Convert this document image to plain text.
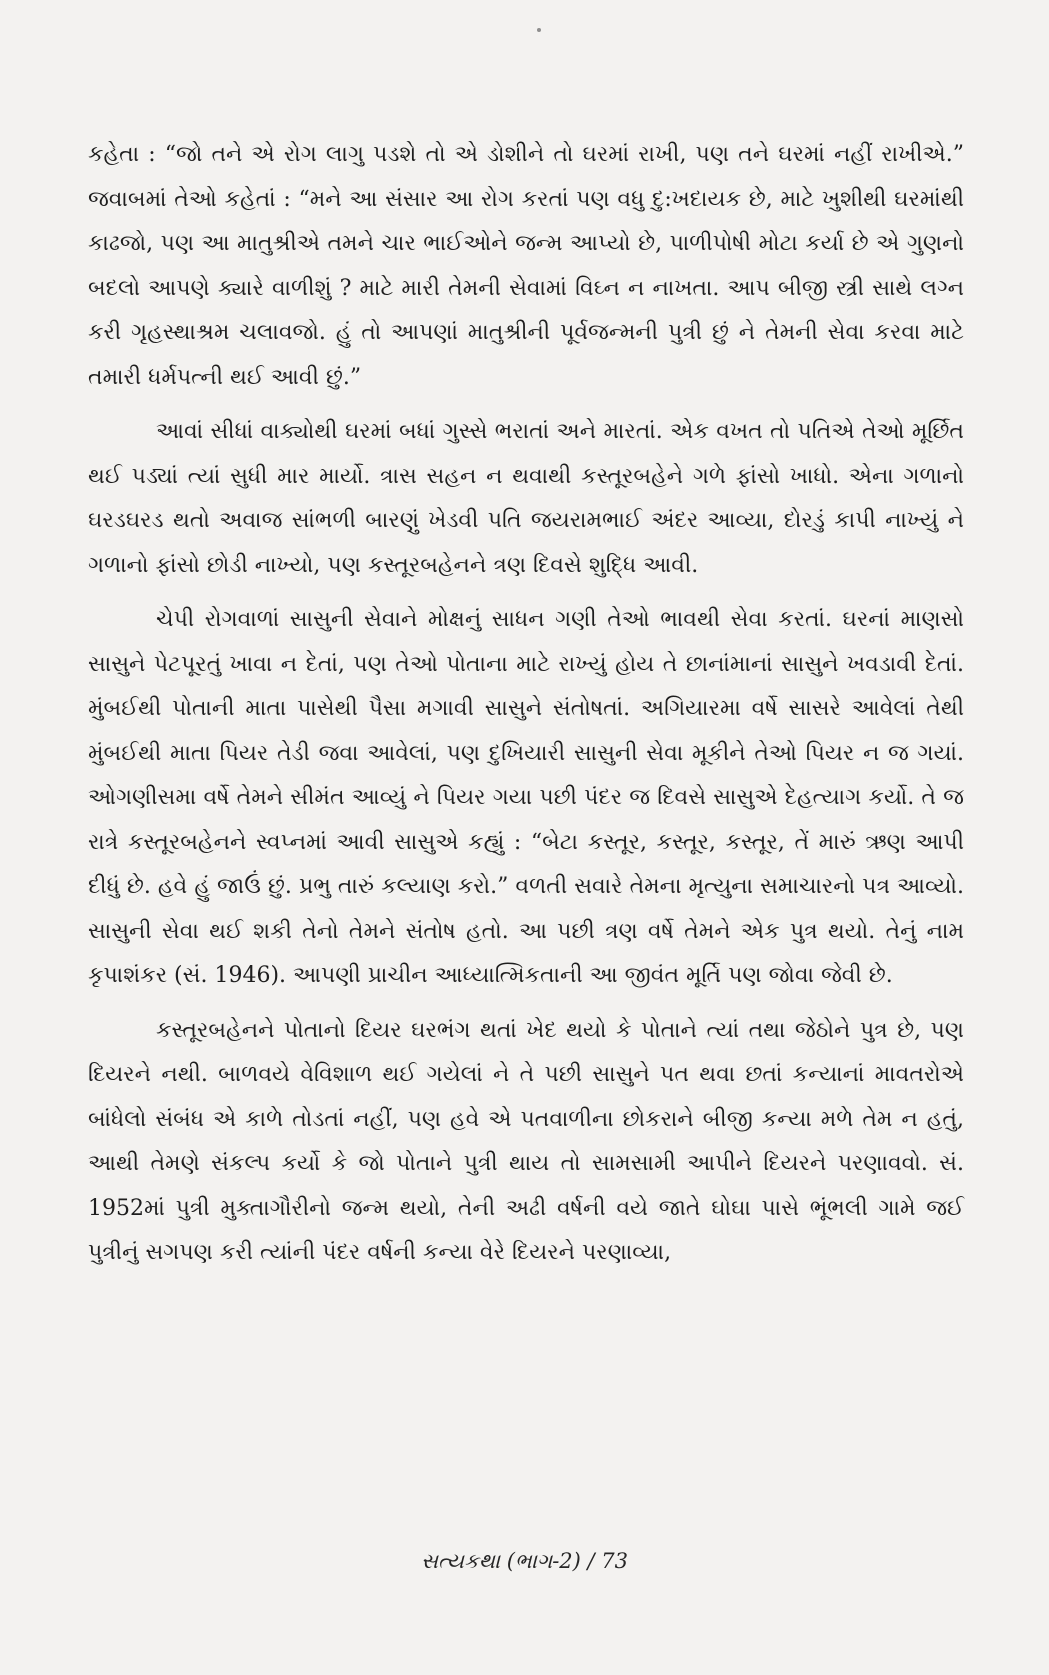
કહેતા : “જો તને એ રોગ લાગુ પડશે તો એ ડોશીને તો ઘરમાં રાખી, પણ તને ઘરમાં નહીં રાખીએ.” જવાબમાં તેઓ કહેતાં : “મને આ સંસાર આ રોગ કરતાં પણ વધુ દુ:ખદાયક છે, માટે ખુશીથી ઘરમાંથી કાઢજો, પણ આ માતુશ્રીએ તમને ચાર ભાઈઓને જન્મ આપ્યો છે, પાળીપોષી મોટા કર્યા છે એ ગુણનો બદલો આપણે ક્યારે વાળીશું ? માટે મારી તેમની સેવામાં વિઘ્ન ન નાખતા. આપ બીજી સ્ત્રી સાથે લગ્ન કરી ગૃહસ્થાશ્રમ ચલાવજો. હું તો આપણાં માતુશ્રીની પૂર્વજન્મની પુત્રી છું ને તેમની સેવા કરવા માટે તમારી ધર્મપત્ની થઈ આવી છું.”

આવાં સીધાં વાક્યોથી ઘરમાં બધાં ગુસ્સે ભરાતાં અને મારતાં. એક વખત તો પતિએ તેઓ મૂર્છિત થઈ પડ્યાં ત્યાં સુધી માર માર્યો. ત્રાસ સહન ન થવાથી કસ્તૂરબહેને ગળે ફાંસો ખાધો. એના ગળાનો ઘરડઘરડ થતો અવાજ સાંભળી બારણું ખેડવી પતિ જયરામભાઈ અંદર આવ્યા, દોરડું કાપી નાખ્યું ને ગળાનો ફાંસો છોડી નાખ્યો, પણ કસ્તૂરબહેનને ત્રણ દિવસે શુદ્ધિ આવી.

ચેપી રોગવાળાં સાસુની સેવાને મોક્ષનું સાધન ગણી તેઓ ભાવથી સેવા કરતાં. ઘરનાં માણસો સાસુને પેટપૂરતું ખાવા ન દેતાં, પણ તેઓ પોતાના માટે રાખ્યું હોય તે છાનાંમાનાં સાસુને ખવડાવી દેતાં. મુંબઈથી પોતાની માતા પાસેથી પૈસા મગાવી સાસુને સંતોષતાં. અગિયારમા વર્ષે સાસરે આવેલાં તેથી મુંબઈથી માતા પિયર તેડી જવા આવેલાં, પણ દુખિયારી સાસુની સેવા મૂકીને તેઓ પિયર ન જ ગયાં. ઓગણીસમા વર્ષે તેમને સીમંત આવ્યું ને પિયર ગયા પછી પંદર જ દિવસે સાસુએ દેહત્યાગ કર્યો. તે જ રાત્રે કસ્તૂરબહેનને સ્વપ્નમાં આવી સાસુએ કહ્યું : “બેટા કસ્તૂર, કસ્તૂર, કસ્તૂર, તેં મારું ઋણ આપી દીધું છે. હવે હું જાઉં છું. પ્રભુ તારું કલ્યાણ કરો.” વળતી સવારે તેમના મૃત્યુના સમાચારનો પત્ર આવ્યો. સાસુની સેવા થઈ શકી તેનો તેમને સંતોષ હતો. આ પછી ત્રણ વર્ષે તેમને એક પુત્ર થયો. તેનું નામ કૃપાશંકર (સં. 1946). આપણી પ્રાચીન આધ્યાત્મિકતાની આ જીવંત મૂર્તિ પણ જોવા જેવી છે.

કસ્તૂરબહેનને પોતાનો દિયર ઘરભંગ થતાં ખેદ થયો કે પોતાને ત્યાં તથા જેઠોને પુત્ર છે, પણ દિયરને નથી. બાળવયે વેવિશાળ થઈ ગયેલાં ને તે પછી સાસુને પત થવા છતાં કન્યાનાં માવતરોએ બાંધેલો સંબંધ એ કાળે તોડતાં નહીં, પણ હવે એ પતવાળીના છોકરાને બીજી કન્યા મળે તેમ ન હતું, આથી તેમણે સંકલ્પ કર્યો કે જો પોતાને પુત્રી થાય તો સામસામી આપીને દિયરને પરણાવવો. સં. 1952માં પુત્રી મુક્તાગૌરીનો જન્મ થયો, તેની અઢી વર્ષની વયે જાતે ઘોઘા પાસે ભૂંભલી ગામે જઈ પુત્રીનું સગપણ કરી ત્યાંની પંદર વર્ષની કન્યા વેરે દિયરને પરણાવ્યા,

સત્યકથા (ભાગ-2) / 73
